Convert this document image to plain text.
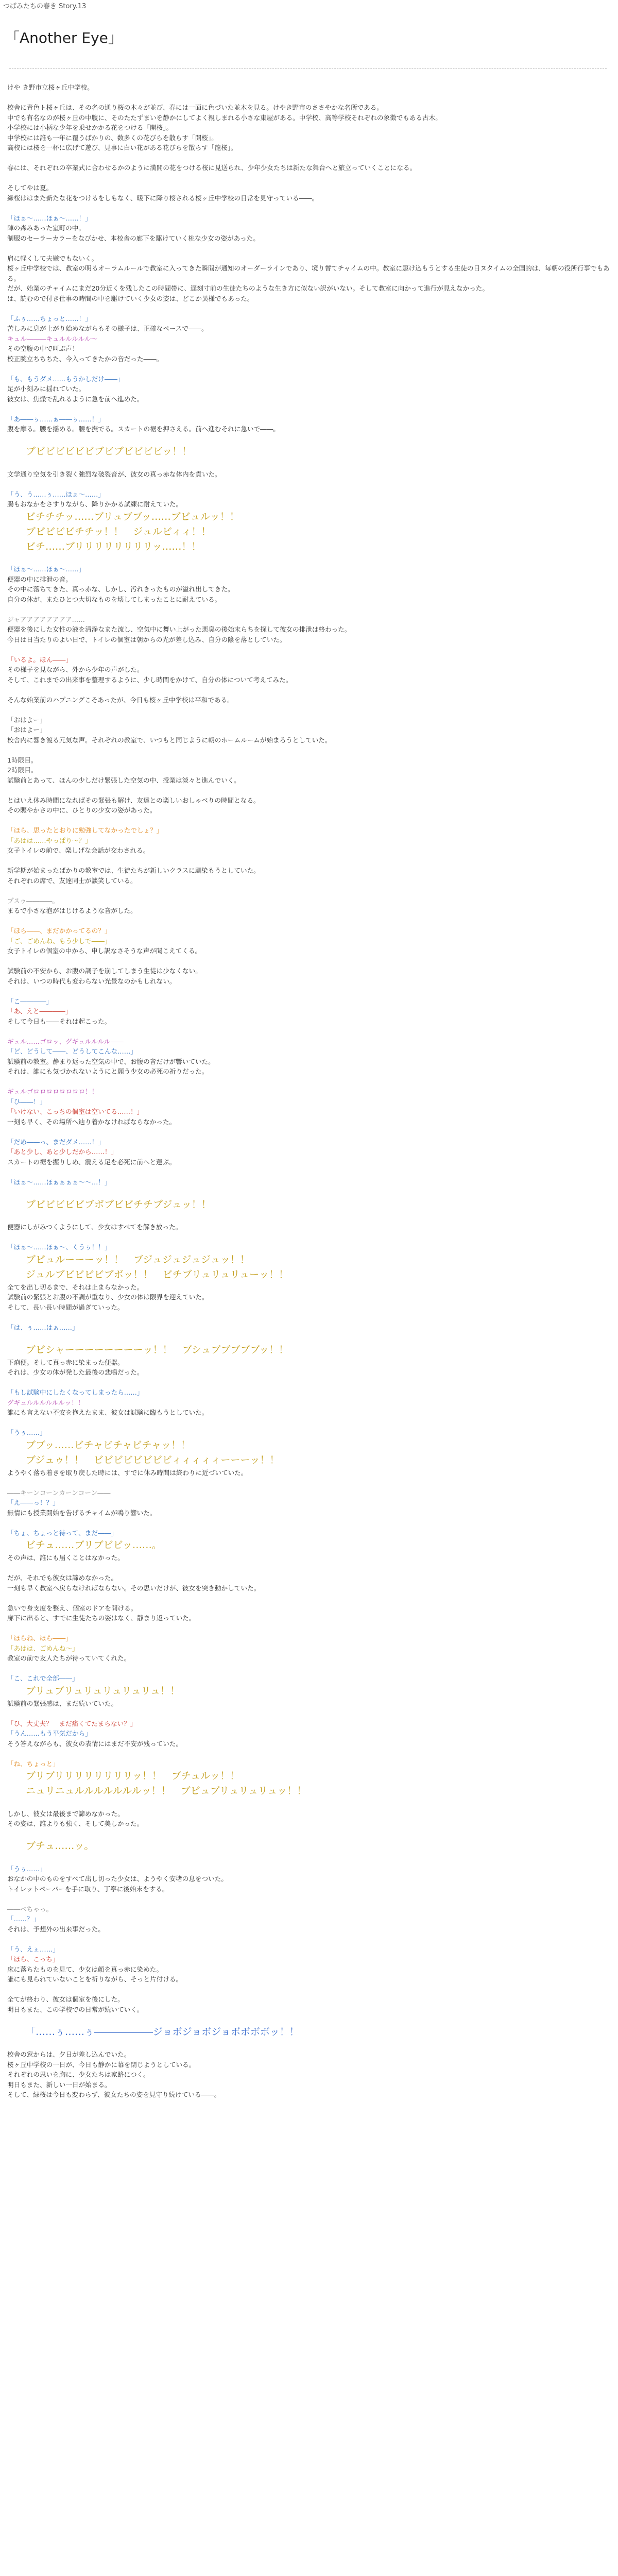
つばみたちの春き Story.13
「Another Eye」

けや き野市立桜ヶ丘中学校。

校舎に青色ト桜ヶ丘は、その名の通り桜の木々が並び、春には一面に色づいた並木を見る。けやき野市のささやかな名所である。

中でも有名なのが桜ヶ丘の中腹に、そのたたずまいを静かにしてよく親しまれる小さな東屋がある。中学校、高等学校それぞれの象徴でもある古木。

小学校には小柄な少年を乗せかかる花をつける「開桜」。

中学校には誰も一年に覆うばかりの、数多くの花びらを散らす「開桜」。

高校には桜を一杯に広げて遊び、見事に白い花がある花びらを散らす「龍桜」。

春には、それぞれの卒業式に合わせるかのように満開の花をつける桜に見送られ、少年少女たちは新たな舞台へと旅立っていくことになる。

そしてやは夏。

緑桜ははまた新たな花をつけるをしもなく、暖下に降り桜される桜ヶ丘中学校の日常を見守っている――。

「ほぁ〜……ほぁ〜……！」

陣の森みあった室町の中。

制服のセーラーカラーをなびかせ、本校舎の廊下を駆けていく桃な少女の姿があった。

肩に軽くして夫嫌でもないく。

桜ヶ丘中学校では、教室の明るオーラムルールで教室に入ってきた瞬間が通知のオーダーラインであり、境り替てチャイムの中。教室に駆け込もうとする生徒の日ヌタイムの全国的は、毎朝の役所行事でもある。

だが、始業のチャイムにまだ20分近くを残したこの時間帯に、遅刻寸前の生徒たちのような生き方に似ない訳がいない。そして教室に向かって進行が見えなかった。

は、読むので付き仕事の時間の中を駆けていく少女の姿は、どこか異様でもあった。

「ふぅ……ちょっと……！」

苦しみに息が上がり始めながらもその様子は、正確なペースで――。

キュル―――キュルルルルル～

その空腹の中で叫ぶ声！

校正腕立ちちちた、今入ってきたかの音だった――。

「も、もうダメ……もうかしだけ――」

足が小刻みに揺れていた。

彼女は、焦燥で乱れるように急を前へ進めた。

「あ――ぅ……ぁ――ぅ……！」

腹を摩る。腰を揺める。腰を撫でる。スカートの裾を押さえる。前へ進むそれに急いで――。

ブビビビビビビブビブビビビビッ！！

文学通り空気を引き裂く強烈な破裂音が、彼女の真っ赤な体内を貫いた。

「う、う……ぅ……ほぁ〜……」

腸もおなかをさすりながら、降りかかる試練に耐えていた。

ビチチチッ……ブリュブブッ……ブビュルッ！！

ブビビビビチチッ！！　ジュルビィィ！！

ビチ……ブリリリリリリリリッ……！！

「ほぁ〜……ほぁ〜……」

便器の中に排泄の音。

その中に落ちてきた、真っ赤な、しかし、汚れきったものが溢れ出してきた。

自分の体が、またひとつ大切なものを壊してしまったことに耐えている。

ジャアアアアアアアア……

便器を後にした女性の液を清浄なまた流し、空気中に舞い上がった悪臭の後始末らちを探して彼女の排泄は終わった。

今日は日当たりのよい日で、トイレの個室は朝からの光が差し込み、自分の陰を落としていた。

「いるよ。ほん――」

その様子を見ながら、外から少年の声がした。

そして、これまでの出来事を整理するように、少し時間をかけて、自分の体について考えてみた。

そんな始業前のハプニングこそあったが、今日も桜ヶ丘中学校は平和である。

「おはよー」

「おはよー」

校舎内に響き渡る元気な声。それぞれの教室で、いつもと同じように朝のホームルームが始まろうとしていた。

1時限目。

2時限目。

試験前とあって、ほんの少しだけ緊張した空気の中、授業は淡々と進んでいく。

とはいえ休み時間になればその緊張も解け、友達との楽しいおしゃべりの時間となる。

その賑やかさの中に、ひとりの少女の姿があった。

「ほら、思ったとおりに勉強してなかったでしょ？」

「あはは……やっぱり〜？」

女子トイレの前で、楽しげな会話が交わされる。

新学期が始まったばかりの教室では、生徒たちが新しいクラスに馴染もうとしていた。

それぞれの席で、友達同士が談笑している。

プスゥ――――。

まるで小さな泡がはじけるような音がした。

「ほら――、まだかかってるの？」

「ご、ごめんね、もう少しで――」

女子トイレの個室の中から、申し訳なさそうな声が聞こえてくる。

試験前の不安から、お腹の調子を崩してしまう生徒は少なくない。

それは、いつの時代も変わらない光景なのかもしれない。

「こ――――」

「あ、えと――――」

そして今日も――それは起こった。

ギュル……ゴロッ、グギュルルルル――

「ど、どうして――、どうしてこんな……」

試験前の教室。静まり返った空気の中で、お腹の音だけが響いていた。

それは、誰にも気づかれないようにと願う少女の必死の祈りだった。

ギュルゴロロロロロロロロ！！

「ひ――！」

「いけない、こっちの個室は空いてる……！」

一刻も早く、その場所へ辿り着かなければならなかった。

「だめ――っ、まだダメ……！」

「あと少し、あと少しだから……！」

スカートの裾を握りしめ、震える足を必死に前へと運ぶ。

「ほぁ〜……ほぁぁぁぁ〜〜…！」

ブビビビビビブボブビビチチブジュッ！！

便器にしがみつくようにして、少女はすべてを解き放った。

「ほぁ〜……ほぁ〜、くうぅ！！」

ブビュルーーーッ！！　ブジュジュジュジュッ！！

ジュルブビビビビブボッ！！　ビチブリュリュリューッ！！

全てを出し切るまで、それは止まらなかった。

試験前の緊張とお腹の不調が重なり、少女の体は限界を迎えていた。

そして、長い長い時間が過ぎていった。

「は、ぅ……はぁ……」

ブビシャーーーーーーーーッ！！　ブシュブブブブブッ！！

下痢便。そして真っ赤に染まった便器。

それは、少女の体が発した最後の悲鳴だった。

「もし試験中にしたくなってしまったら……」

グギュルルルルルルッ！！

誰にも言えない不安を抱えたまま、彼女は試験に臨もうとしていた。

「うぅ……」

ブブッ……ビチャビチャビチャッ！！

ブジュゥ！！　ビビビビビビビビィィィィィーーーッ！！

ようやく落ち着きを取り戻した時には、すでに休み時間は終わりに近づいていた。

――キーンコーンカーンコーン――

「え――っ！？」

無情にも授業開始を告げるチャイムが鳴り響いた。

「ちょ、ちょっと待って、まだ――」

ビチュ……ブリブビビッ……。

その声は、誰にも届くことはなかった。

だが、それでも彼女は諦めなかった。

一刻も早く教室へ戻らなければならない。その思いだけが、彼女を突き動かしていた。

急いで身支度を整え、個室のドアを開ける。

廊下に出ると、すでに生徒たちの姿はなく、静まり返っていた。

「ほらね、ほら――」

「あはは、ごめんね～」

教室の前で友人たちが待っていてくれた。

「こ、これで全部――」

ブリュブリュリュリュリュリュ！！

試験前の緊張感は、まだ続いていた。

「ひ、大丈夫？　まだ痛くてたまらない？」

「うん……もう平気だから」

そう答えながらも、彼女の表情にはまだ不安が残っていた。

「ね、ちょっと」

ブリブリリリリリリリリッ！！　ブチュルッ！！

ニュリニュルルルルルルルッ！！　ブビュブリュリュリュッ！！

しかし、彼女は最後まで諦めなかった。

その姿は、誰よりも強く、そして美しかった。

ブチュ……ッ。

「うぅ……」

おなかの中のものをすべて出し切った少女は、ようやく安堵の息をついた。

トイレットペーパーを手に取り、丁寧に後始末をする。

――ベちゃっ。

「……？」

それは、予想外の出来事だった。

「う、えぇ……」

「ほら、こっち」

床に落ちたものを見て、少女は顔を真っ赤に染めた。

誰にも見られていないことを祈りながら、そっと片付ける。

全てが終わり、彼女は個室を後にした。

明日もまた、この学校での日常が続いていく。

「……ぅ……ぅ――――――ジョボジョボジョボボボボッ！！

校舎の窓からは、夕日が差し込んでいた。

桜ヶ丘中学校の一日が、今日も静かに幕を閉じようとしている。

それぞれの思いを胸に、少女たちは家路につく。

明日もまた、新しい一日が始まる。

そして、緑桜は今日も変わらず、彼女たちの姿を見守り続けている――。
